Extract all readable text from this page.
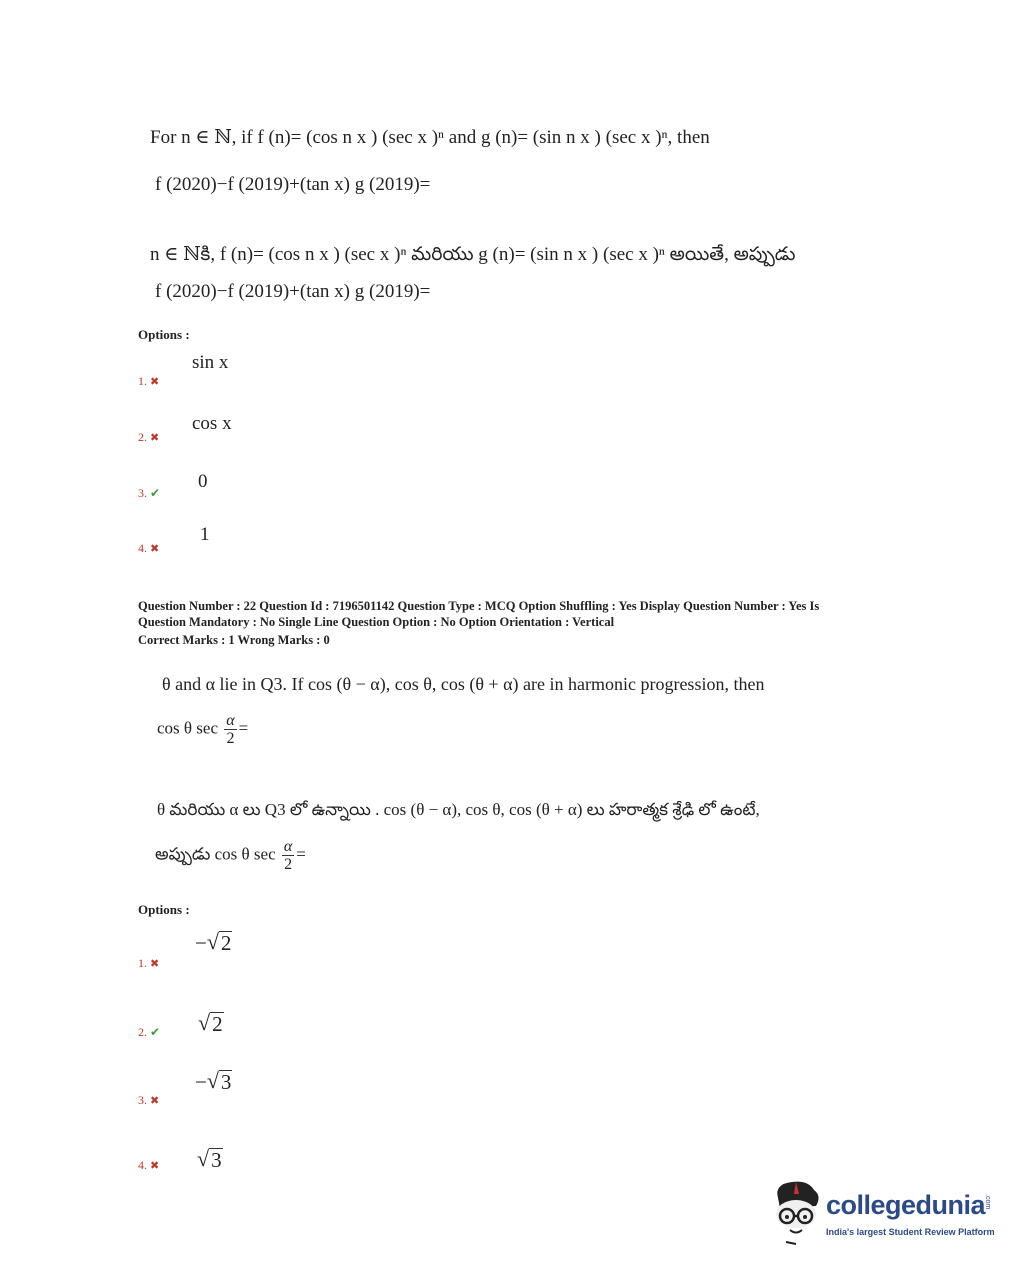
For n ∈ ℕ, if f (n)= (cos n x ) (sec x )ⁿ and g (n)= (sin n x ) (sec x )ⁿ, then
f (2020)−f (2019)+(tan x) g (2019)=
n ∈ ℕకి, f (n)= (cos n x ) (sec x )ⁿ మరియు g (n)= (sin n x ) (sec x )ⁿ అయితే, అప్పుడు
f (2020)−f (2019)+(tan x) g (2019)=
Options :
1. ✖
sin x
2. ✖
cos x
3. ✔
0
4. ✖
1
Question Number : 22 Question Id : 7196501142 Question Type : MCQ Option Shuffling : Yes Display Question Number : Yes Is
Question Mandatory : No Single Line Question Option : No Option Orientation : Vertical
Correct Marks : 1 Wrong Marks : 0
θ and α lie in Q3. If cos (θ − α), cos θ, cos (θ + α) are in harmonic progression, then
cos θ $\sec \frac{\alpha}{2}$ =
θ మరియు α లు Q3 లో ఉన్నాయి . cos (θ − α), cos θ, cos (θ + α) లు హరాత్మక శ్రేఢి లో ఉంటే,
అప్పుడు cos θ $\sec \frac{\alpha}{2}$ =
Options :
1. ✖
− √ 2
2. ✔ √ 2
3. ✖
− √ 3
4. ✖ √ 3
collegedunia
.com
India's largest Student Review Platform
